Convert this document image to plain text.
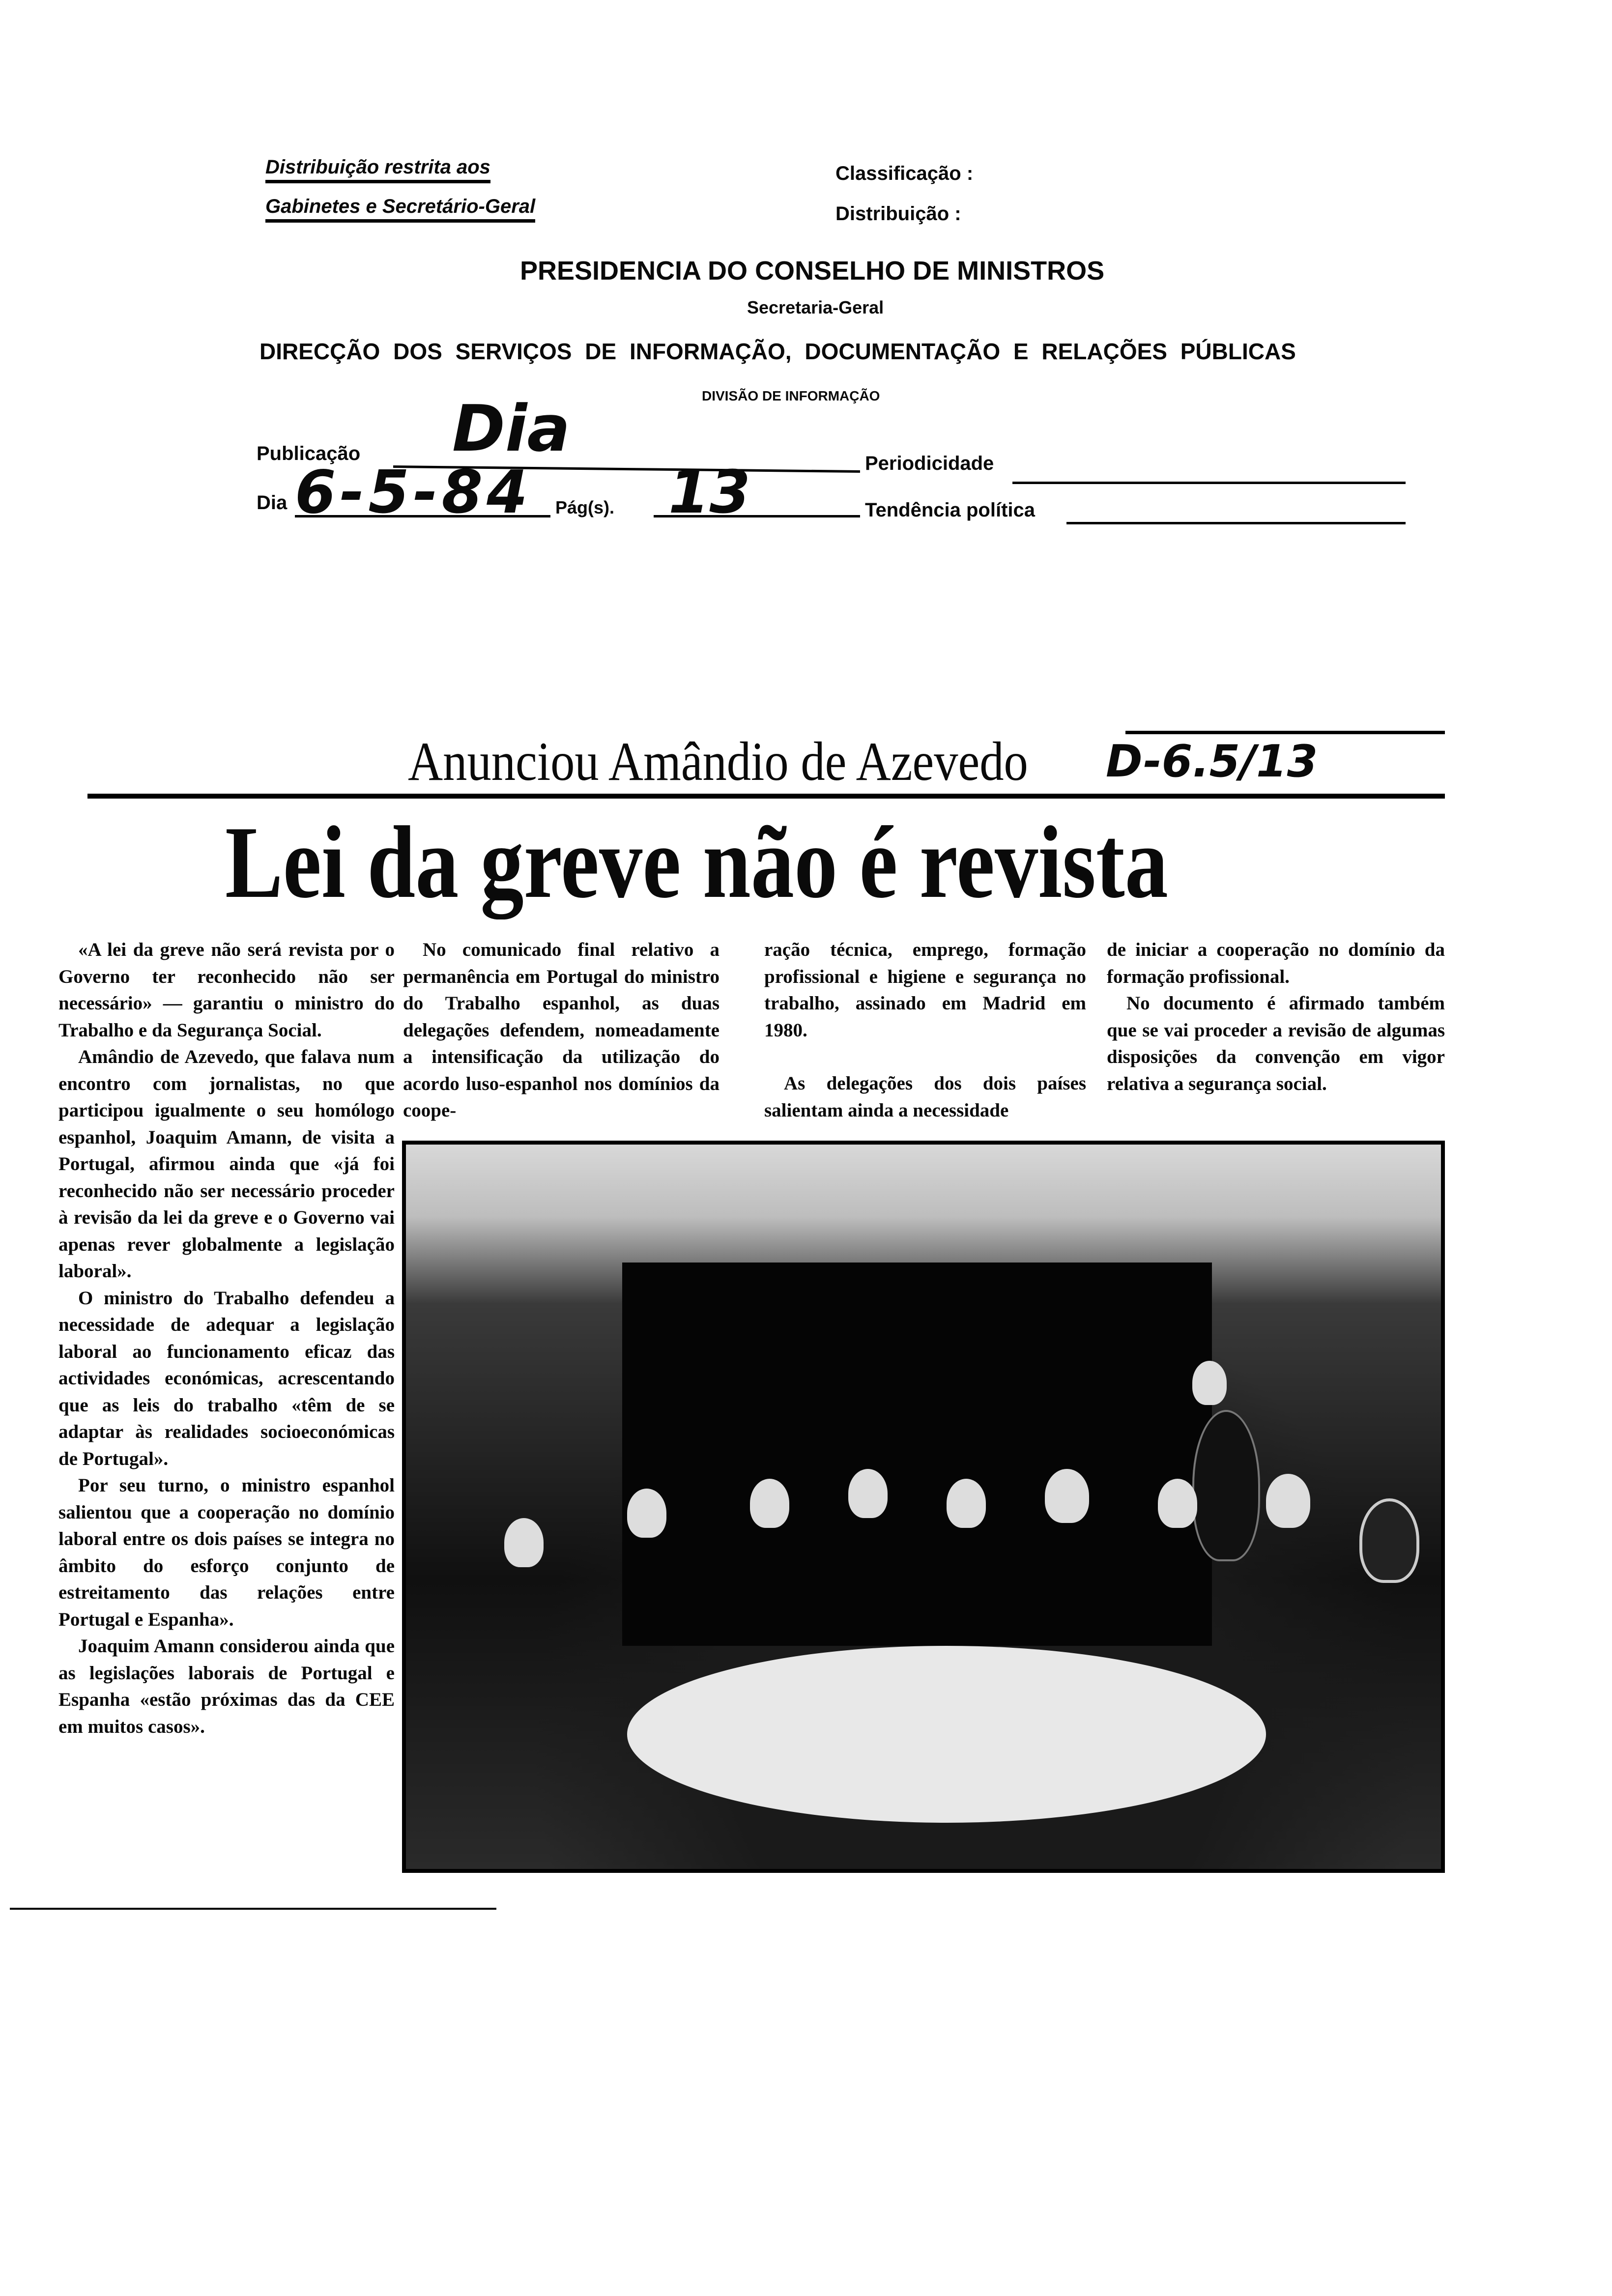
Distribuição restrita aos
Gabinetes e Secretário-Geral
Classificação :
Distribuição :
PRESIDENCIA DO CONSELHO DE MINISTROS
Secretaria-Geral
DIRECÇÃO DOS SERVIÇOS DE INFORMAÇÃO, DOCUMENTAÇÃO E RELAÇÕES PÚBLICAS
DIVISÃO DE INFORMAÇÃO
Publicação Dia	Periodicidade
Dia 6-5-84 Pág(s). 13	Tendência política
Anunciou Amândio de Azevedo
Lei da greve não é revista
D-6.5/13

«A lei da greve não será revista por o Governo ter reconhecido não ser necessário» — garantiu o ministro do Trabalho e da Segurança Social.

Amândio de Azevedo, que falava num encontro com jornalistas, no que participou igualmente o seu homólogo espanhol, Joaquim Amann, de visita a Portugal, afirmou ainda que «já foi reconhecido não ser necessário proceder à revisão da lei da greve e o Governo vai apenas rever globalmente a legislação laboral».

O ministro do Trabalho defendeu a necessidade de adequar a legislação laboral ao funcionamento eficaz das actividades económicas, acrescentando que as leis do trabalho «têm de se adaptar às realidades socioeconómicas de Portugal».

Por seu turno, o ministro espanhol salientou que a cooperação no domínio laboral entre os dois países se integra no âmbito do esforço conjunto de estreitamento das relações entre Portugal e Espanha».

Joaquim Amann considerou ainda que as legislações laborais de Portugal e Espanha «estão próximas das da CEE em muitos casos».

No comunicado final relativo a permanência em Portugal do ministro do Trabalho espanhol, as duas delegações defendem, nomeadamente a intensificação da utilização do acordo luso-espanhol nos domínios da coope-

ração técnica, emprego, formação profissional e higiene e segurança no trabalho, assinado em Madrid em 1980.

As delegações dos dois países salientam ainda a necessidade

de iniciar a cooperação no domínio da formação profissional.

No documento é afirmado também que se vai proceder a revisão de algumas disposições da convenção em vigor relativa a segurança social.
